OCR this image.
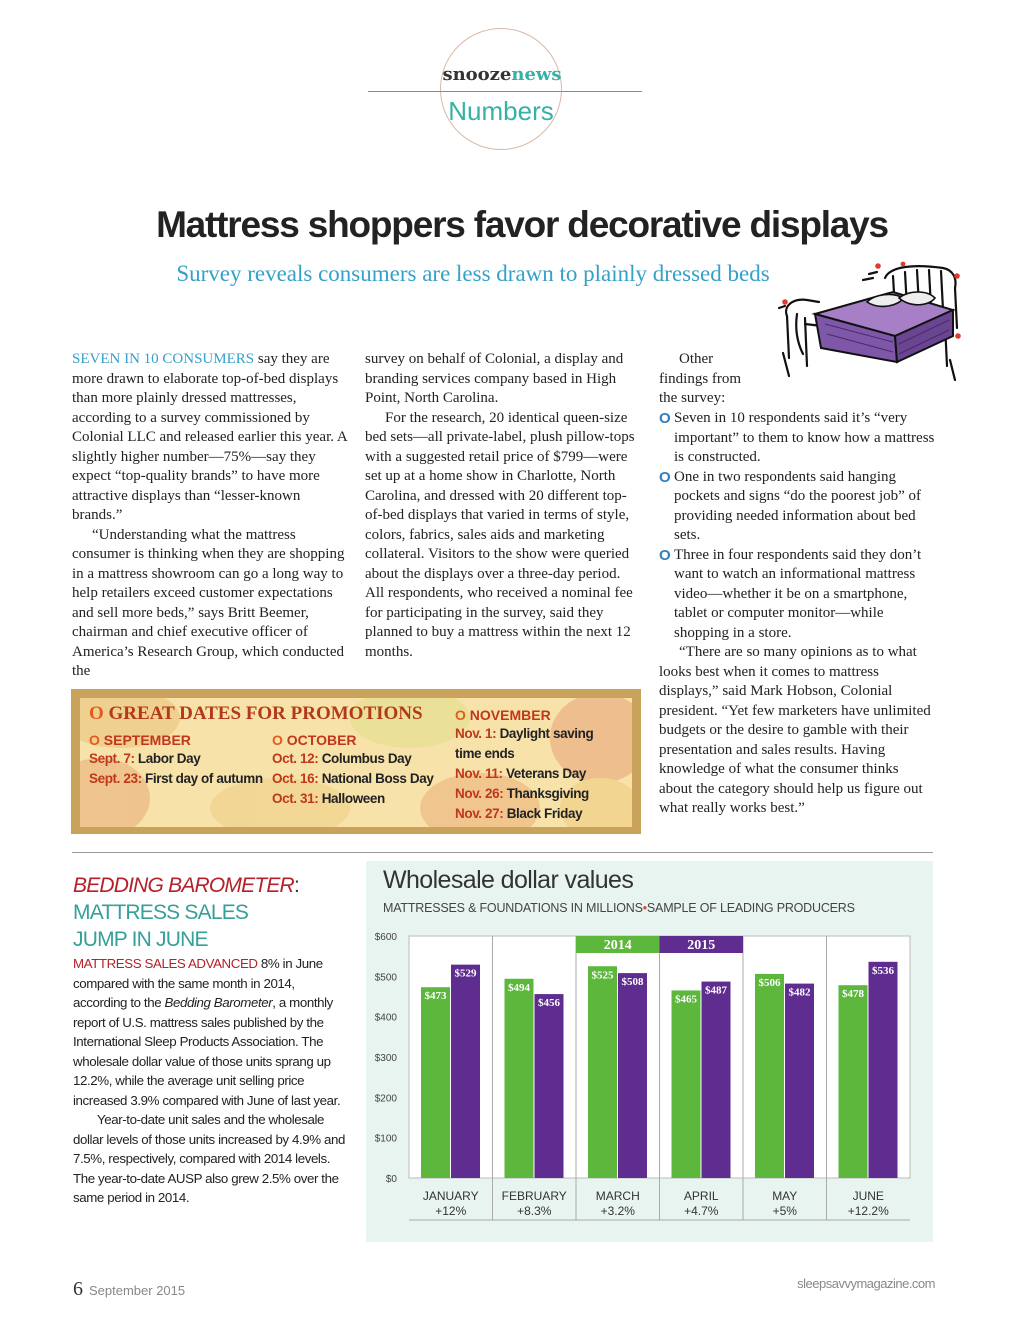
snoozenews
Numbers
Mattress shoppers favor decorative displays
Survey reveals consumers are less drawn to plainly dressed beds

SEVEN IN 10 CONSUMERS say they are more drawn to elaborate top-of-bed displays than more plainly dressed mattresses, according to a survey commissioned by Colonial LLC and released earlier this year. A slightly higher number—75%—say they expect “top-quality brands” to have more attractive displays than “lesser-known brands.”

“Understanding what the mattress consumer is thinking when they are shopping in a mattress showroom can go a long way to help retailers exceed customer expectations and sell more beds,” says Britt Beemer, chairman and chief executive officer of America’s Research Group, which conducted the

survey on behalf of Colonial, a display and branding services company based in High Point, North Carolina.

For the research, 20 identical queen-size bed sets—all private-label, plush pillow-tops with a suggested retail price of $799—were set up at a home show in Charlotte, North Carolina, and dressed with 20 different top-of-bed displays that varied in terms of style, colors, fabrics, sales aids and marketing collateral. Visitors to the show were queried about the displays over a three-day period. All respondents, who received a nominal fee for participating in the survey, said they planned to buy a mattress within the next 12 months.

Other findings from the survey:

O Seven in 10 respondents said it’s “very important” to them to know how a mattress is constructed.
O One in two respondents said hanging pockets and signs “do the poorest job” of providing needed information about bed sets.
O Three in four respondents said they don’t want to watch an informational mattress video—whether it be on a smartphone, tablet or computer monitor—while shopping in a store.

“There are so many opinions as to what looks best when it comes to mattress displays,” said Mark Hobson, Colonial president. “Yet few marketers have unlimited budgets or the desire to gamble with their presentation and sales results. Having knowledge of what the consumer thinks about the category should help us figure out what really works best.”

O GREAT DATES FOR PROMOTIONS
O SEPTEMBER
Sept. 7: Labor Day
Sept. 23: First day of autumn
O OCTOBER
Oct. 12: Columbus Day
Oct. 16: National Boss Day
Oct. 31: Halloween
O NOVEMBER
Nov. 1: Daylight saving time ends
Nov. 11: Veterans Day
Nov. 26: Thanksgiving
Nov. 27: Black Friday
BEDDING BAROMETER:
MATTRESS SALES
JUMP IN JUNE
MATTRESS SALES ADVANCED 8% in June compared with the same month in 2014, according to the Bedding Barometer, a monthly report of U.S. mattress sales published by the International Sleep Products Association. The wholesale dollar value of those units sprang up 12.2%, while the average unit selling price increased 3.9% compared with June of last year.
Year-to-date unit sales and the wholesale dollar levels of those units increased by 4.9% and 7.5%, respectively, compared with 2014 levels. The year-to-date AUSP also grew 2.5% over the same period in 2014.
Wholesale dollar values
MATTRESSES & FOUNDATIONS IN MILLIONS•SAMPLE OF LEADING PRODUCERS
$0
$100
$200
$300
$400
$500
$600
2014
$473
$494
$525
$465
$506
$478
2015
$529
$456
$508
$487	$482
$536
JANUARY
+12%
FEBRUARY
+8.3%
MARCH
+3.2%
APRIL
+4.7%
MAY
+5%
JUNE
+12.2%
6 September 2015	sleepsavvymagazine.com
